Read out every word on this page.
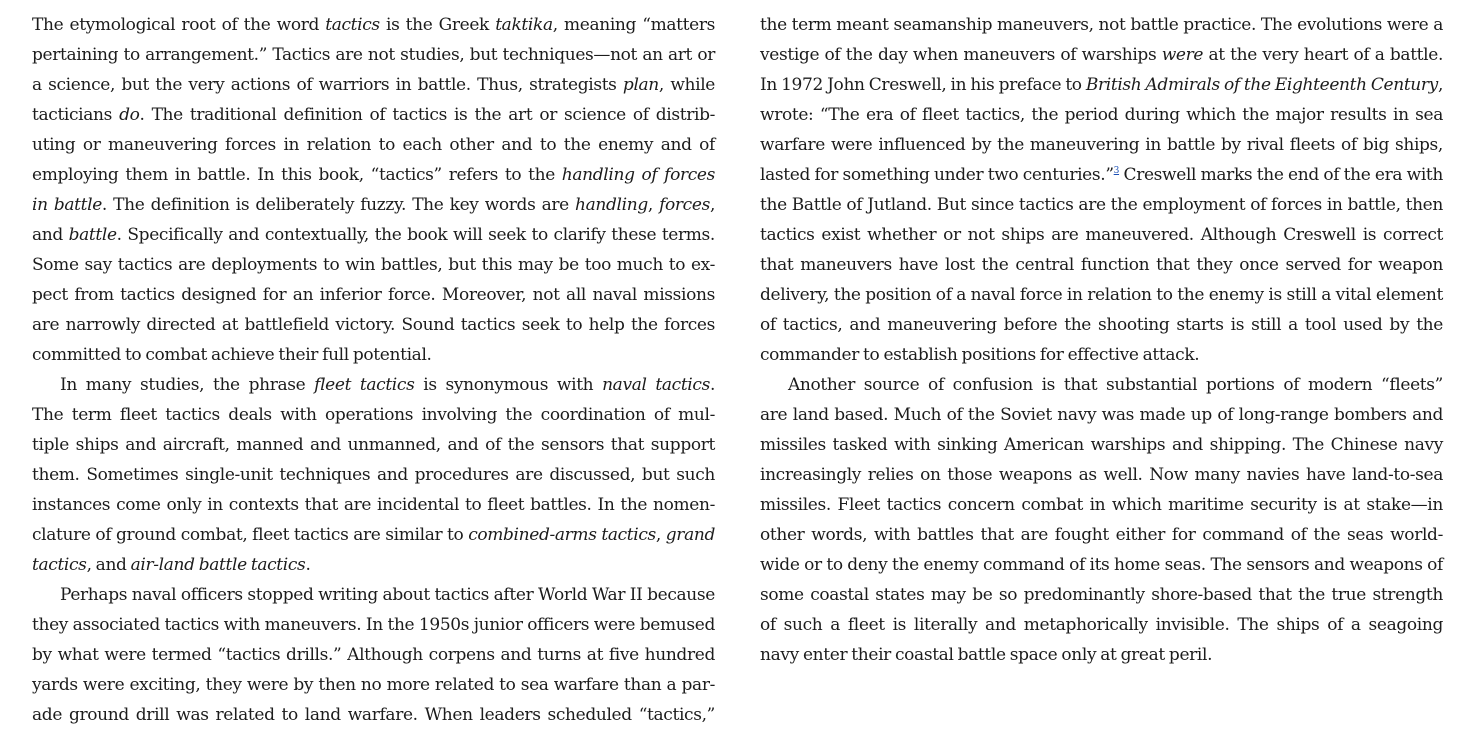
The etymological root of the word tactics is the Greek taktika, meaning “matters
pertaining to arrangement.” Tactics are not studies, but techniques—not an art or
a science, but the very actions of warriors in battle. Thus, strategists plan, while
tacticians do. The traditional definition of tactics is the art or science of distrib-
uting or maneuvering forces in relation to each other and to the enemy and of
employing them in battle. In this book, “tactics” refers to the handling of forces
in battle. The definition is deliberately fuzzy. The key words are handling, forces,
and battle. Specifically and contextually, the book will seek to clarify these terms.
Some say tactics are deployments to win battles, but this may be too much to ex-
pect from tactics designed for an inferior force. Moreover, not all naval missions
are narrowly directed at battlefield victory. Sound tactics seek to help the forces
committed to combat achieve their full potential.
In many studies, the phrase fleet tactics is synonymous with naval tactics.
The term fleet tactics deals with operations involving the coordination of mul-
tiple ships and aircraft, manned and unmanned, and of the sensors that support
them. Sometimes single-unit techniques and procedures are discussed, but such
instances come only in contexts that are incidental to fleet battles. In the nomen-
clature of ground combat, fleet tactics are similar to combined-arms tactics, grand
tactics, and air-land battle tactics.
Perhaps naval officers stopped writing about tactics after World War II because
they associated tactics with maneuvers. In the 1950s junior officers were bemused
by what were termed “tactics drills.” Although corpens and turns at five hundred
yards were exciting, they were by then no more related to sea warfare than a par-
ade ground drill was related to land warfare. When leaders scheduled “tactics,”
the term meant seamanship maneuvers, not battle practice. The evolutions were a
vestige of the day when maneuvers of warships were at the very heart of a battle.
In 1972 John Creswell, in his preface to British Admirals of the Eighteenth Century,
wrote: “The era of fleet tactics, the period during which the major results in sea
warfare were influenced by the maneuvering in battle by rival fleets of big ships,
lasted for something under two centuries.”$^3$ Creswell marks the end of the era with
the Battle of Jutland. But since tactics are the employment of forces in battle, then
tactics exist whether or not ships are maneuvered. Although Creswell is correct
that maneuvers have lost the central function that they once served for weapon
delivery, the position of a naval force in relation to the enemy is still a vital element
of tactics, and maneuvering before the shooting starts is still a tool used by the
commander to establish positions for effective attack.
Another source of confusion is that substantial portions of modern “fleets”
are land based. Much of the Soviet navy was made up of long-range bombers and
missiles tasked with sinking American warships and shipping. The Chinese navy
increasingly relies on those weapons as well. Now many navies have land-to-sea
missiles. Fleet tactics concern combat in which maritime security is at stake—in
other words, with battles that are fought either for command of the seas world-
wide or to deny the enemy command of its home seas. The sensors and weapons of
some coastal states may be so predominantly shore-based that the true strength
of such a fleet is literally and metaphorically invisible. The ships of a seagoing
navy enter their coastal battle space only at great peril.
